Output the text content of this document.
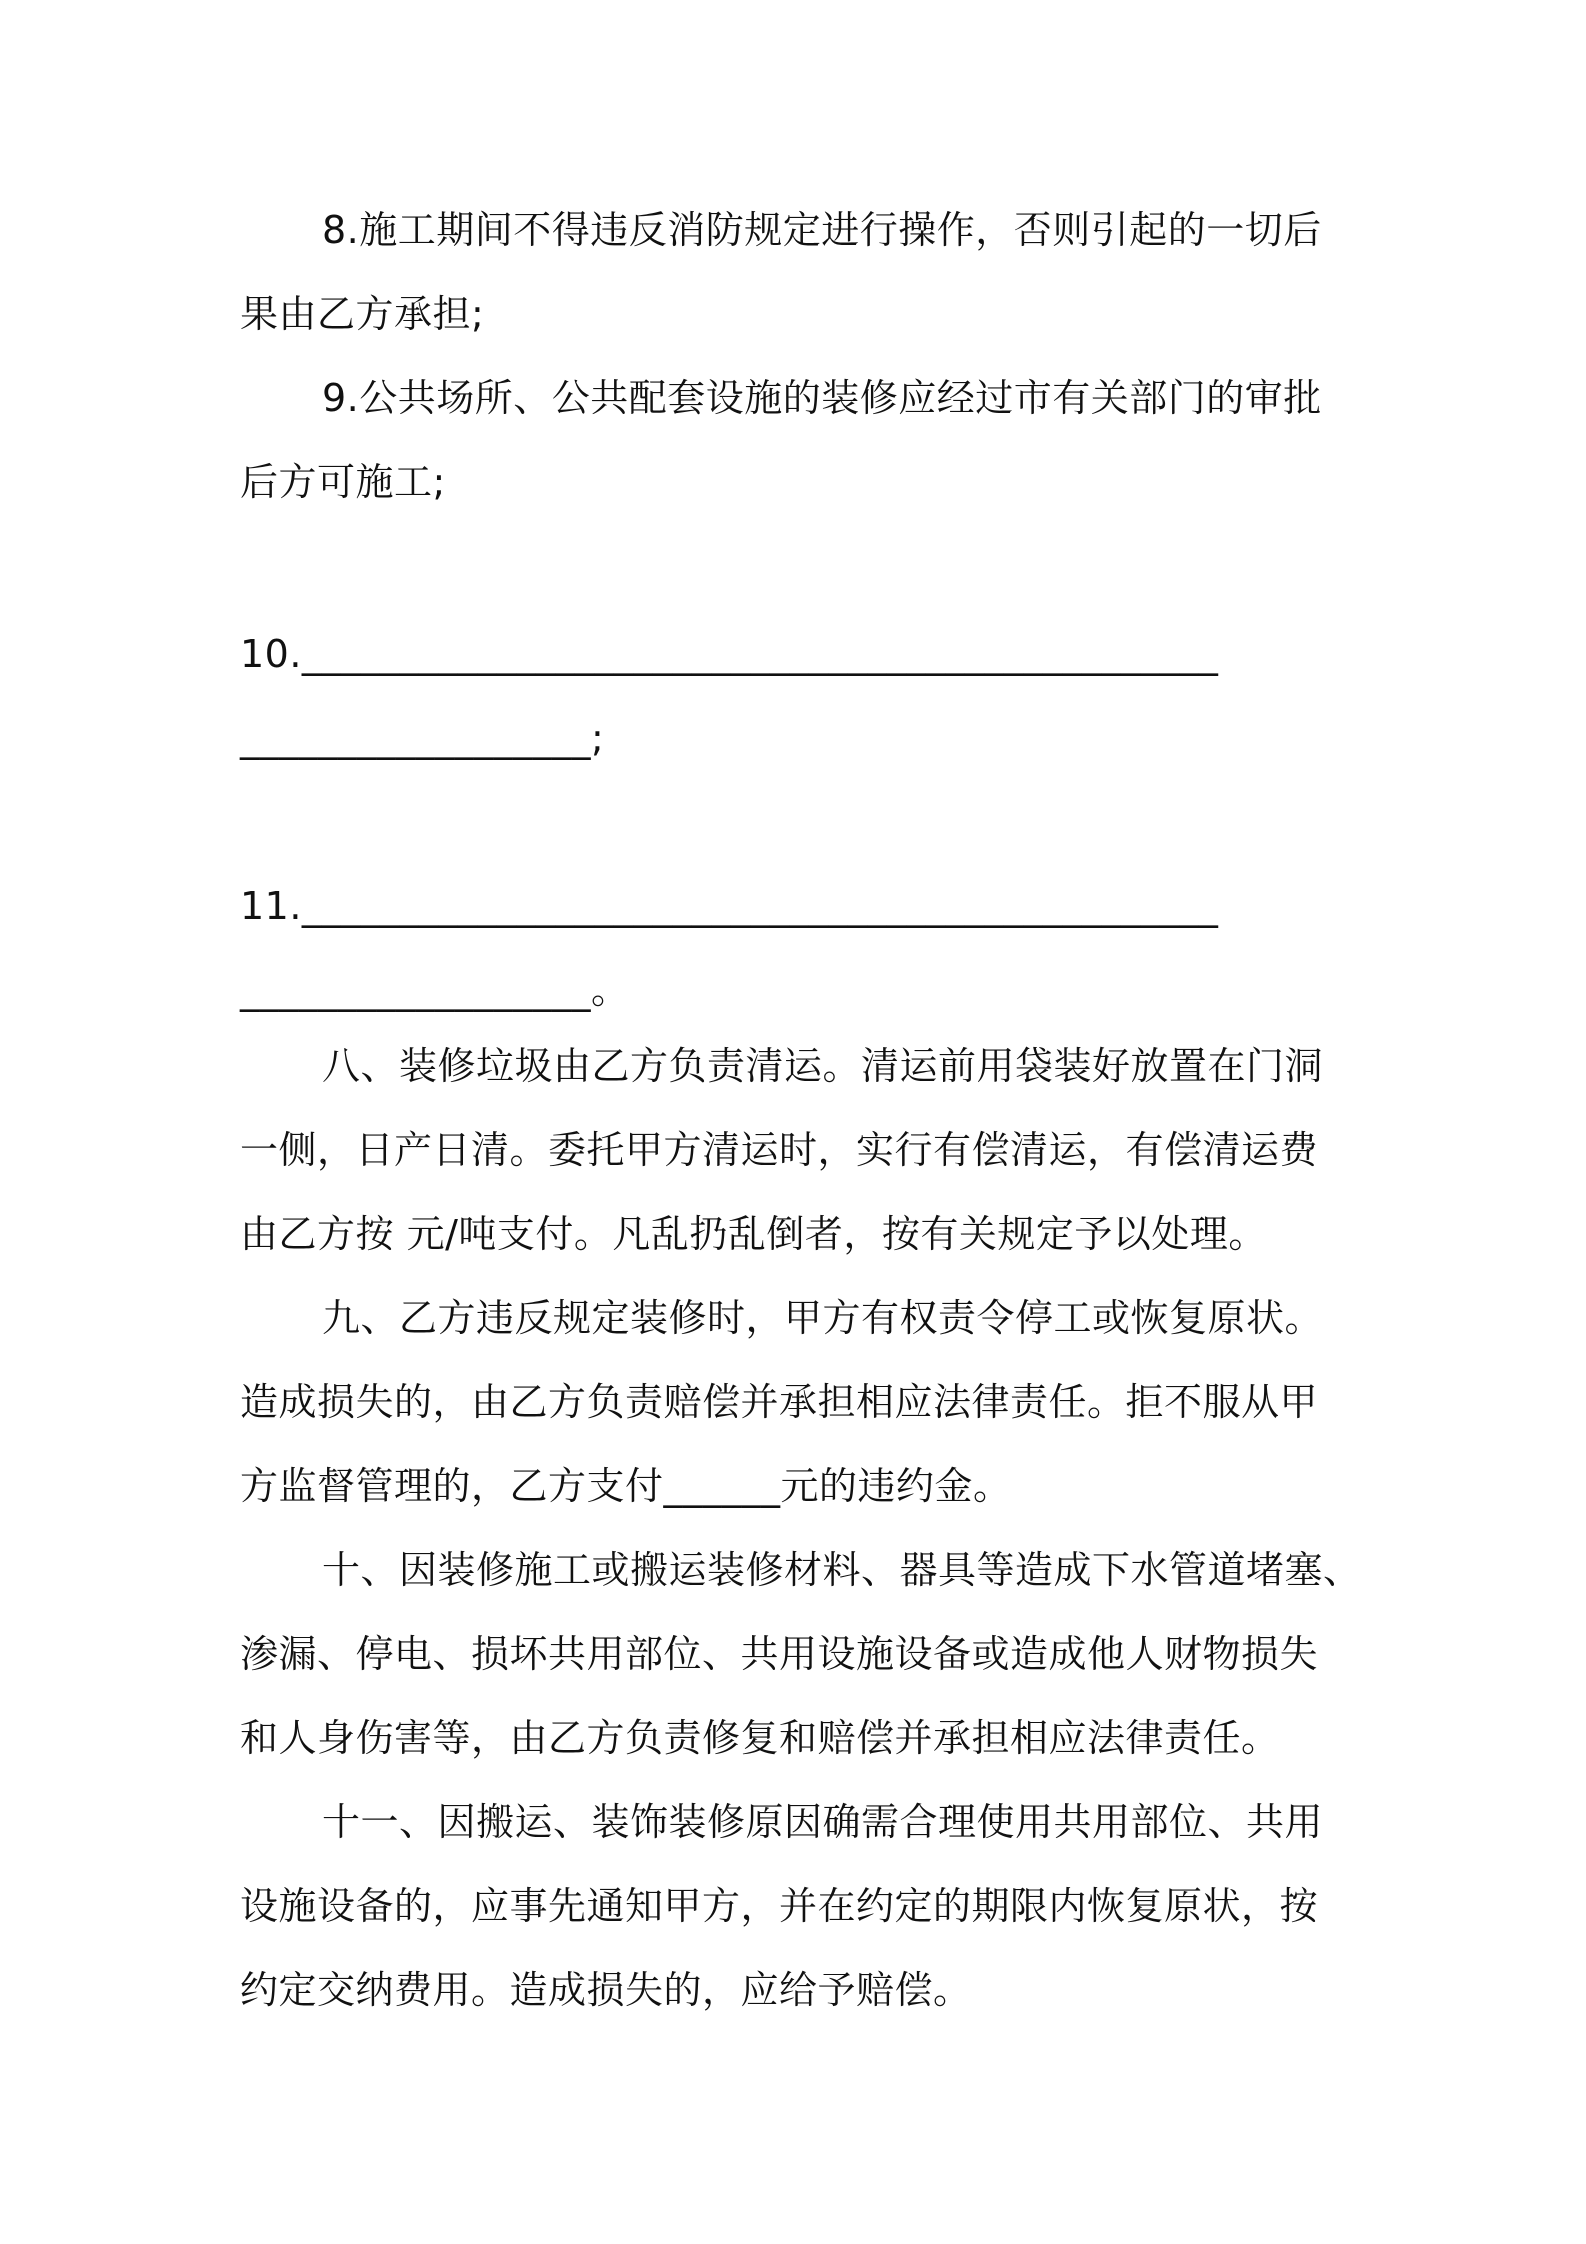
8.施工期间不得违反消防规定进行操作，否则引起的一切后
果由乙方承担;
9.公共场所、公共配套设施的装修应经过市有关部门的审批
后方可施工;
10._______________________________________________
__________________;
11._______________________________________________
__________________。
八、装修垃圾由乙方负责清运。清运前用袋装好放置在门洞
一侧，日产日清。委托甲方清运时，实行有偿清运，有偿清运费
由乙方按 元/吨支付。凡乱扔乱倒者，按有关规定予以处理。
九、乙方违反规定装修时，甲方有权责令停工或恢复原状。
造成损失的，由乙方负责赔偿并承担相应法律责任。拒不服从甲
方监督管理的，乙方支付______元的违约金。
十、因装修施工或搬运装修材料、器具等造成下水管道堵塞、
渗漏、停电、损坏共用部位、共用设施设备或造成他人财物损失
和人身伤害等，由乙方负责修复和赔偿并承担相应法律责任。
十一、因搬运、装饰装修原因确需合理使用共用部位、共用
设施设备的，应事先通知甲方，并在约定的期限内恢复原状，按
约定交纳费用。造成损失的，应给予赔偿。
